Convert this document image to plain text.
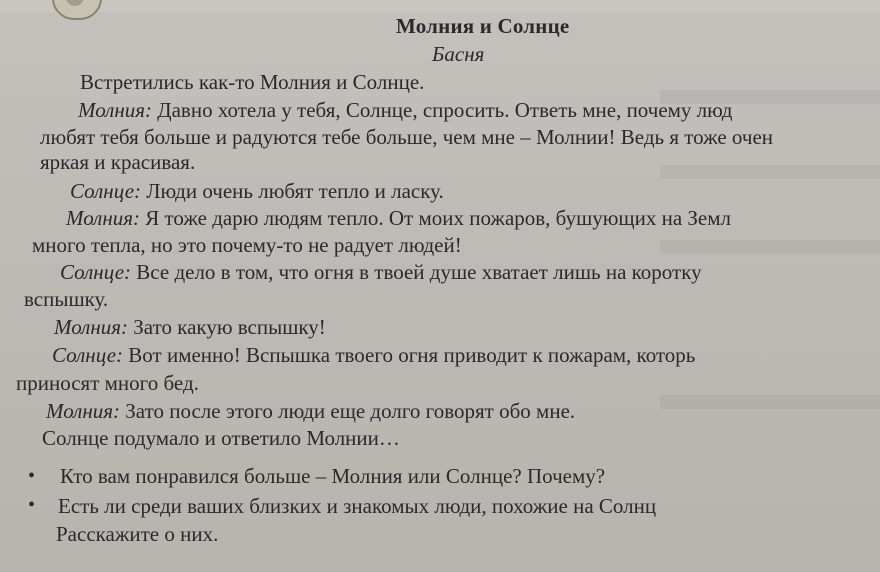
Молния и Солнце
Басня
Встретились как-то Молния и Солнце.
Молния: Давно хотела у тебя, Солнце, спросить. Ответь мне, почему люд
любят тебя больше и радуются тебе больше, чем мне – Молнии! Ведь я тоже очен
яркая и красивая.
Солнце: Люди очень любят тепло и ласку.
Молния: Я тоже дарю людям тепло. От моих пожаров, бушующих на Земл
много тепла, но это почему-то не радует людей!
Солнце: Все дело в том, что огня в твоей душе хватает лишь на коротку
вспышку.
Молния: Зато какую вспышку!
Солнце: Вот именно! Вспышка твоего огня приводит к пожарам, которь
приносят много бед.
Молния: Зато после этого люди еще долго говорят обо мне.
Солнце подумало и ответило Молнии…
• Кто вам понравился больше – Молния или Солнце? Почему?
• Есть ли среди ваших близких и знакомых люди, похожие на Солнц
Расскажите о них.
